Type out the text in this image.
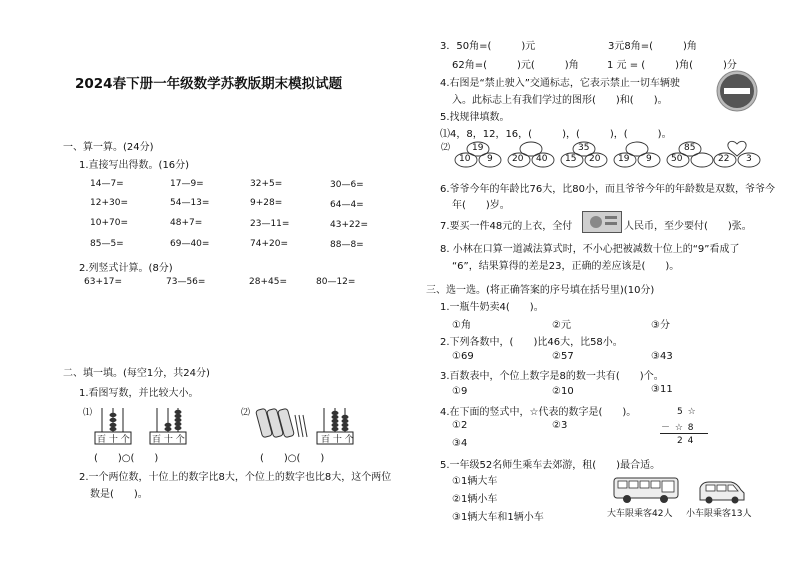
2024春下册一年级数学苏教版期末模拟试题
一、算一算。(24分)
1.直接写出得数。(16分)
14—7=	17—9=	32+5=	30—6=
12+30=	54—13=	9+28=	64—4=
10+70=	48+7=	23—11=	43+22=
85—5=	69—40=	74+20=	88—8=
2.列竖式计算。(8分)
63+17=	73—56=	28+45=	80—12=
二、填一填。(每空1分，共24分)
1.看图写数，并比较大小。
⑴	⑵
百 十 个 百 十 个	百 十 个
(　　)○(　　)	(　　)○(　　)
2.一个两位数，十位上的数字比8大，个位上的数字也比8大，这个两位
数是(　　)。
3．50角=(　　　)元	3元8角=(　　　)角
62角=(　　　)元(　　　)角	1 元 = (　　　)角(　　　)分
4.右图是“禁止驶入”交通标志，它表示禁止一切车辆驶
入。此标志上有我们学过的图形(　　)和(　　)。
5.找规律填数。
⑴4，8，12，16，(　　　)，(　　　)，(　　　)。
⑵ 19
10 9 20 40
35
15 20 19 9
85
50	22 3
6.爷爷今年的年龄比76大，比80小，而且爷爷今年的年龄数是双数，爷爷今
年(　　)岁。
7.要买一件48元的上衣，全付	人民币，至少要付(　　)张。
8. 小林在口算一道减法算式时，不小心把被减数十位上的“9”看成了
“6”，结果算得的差是23，正确的差应该是(　　)。
三、选一选。(将正确答案的序号填在括号里)(10分)
1.一瓶牛奶卖4(　　)。
①角	②元	③分
2.下列各数中，(　　)比46大，比58小。
①69	②57	③43
3.百数表中，个位上数字是8的数一共有(　　)个。
①9	②10	③11
4.在下面的竖式中，☆代表的数字是(　　)。
①2	②3
③4
5 ☆
－ ☆ 8
2 4
5.一年级52名师生乘车去郊游，租(　　)最合适。
①1辆大车
②1辆小车
③1辆大车和1辆小车	大车限乘客42人 小车限乘客13人
